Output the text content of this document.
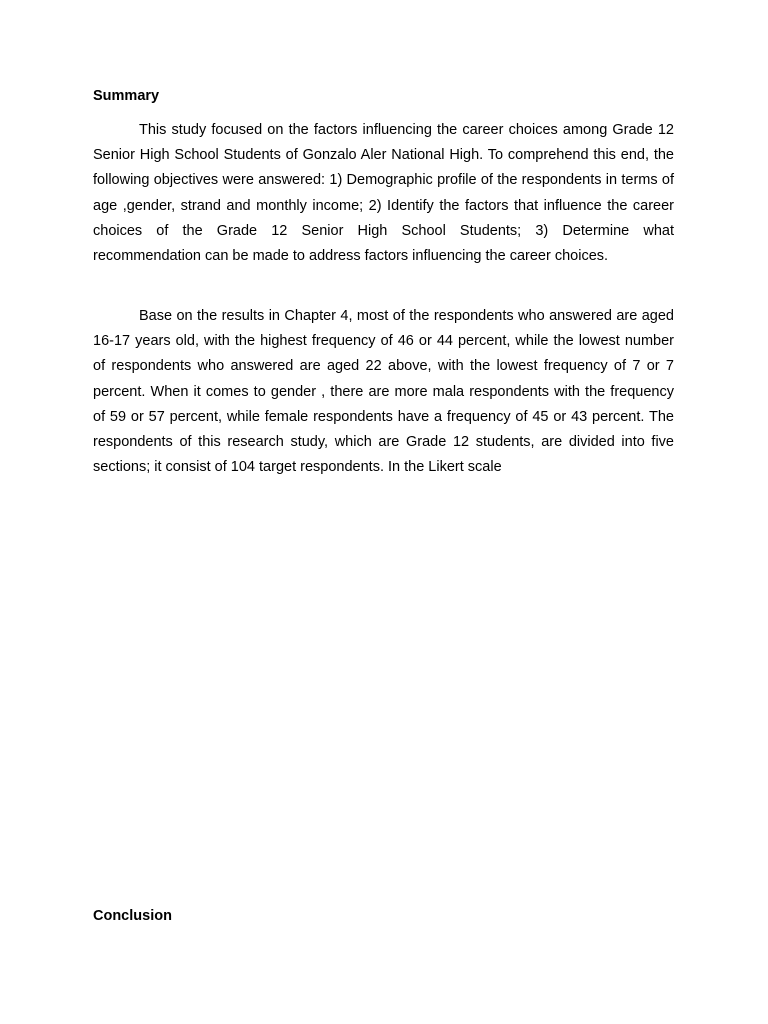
Summary

This study focused on the factors influencing the career choices among Grade 12 Senior High School Students of Gonzalo Aler National High. To comprehend this end, the following objectives were answered: 1) Demographic profile of the respondents in terms of age ,gender, strand and monthly income; 2) Identify the factors that influence the career choices of the Grade 12 Senior High School Students; 3) Determine what recommendation can be made to address factors influencing the career choices.

Base on the results in Chapter 4, most of the respondents who answered are aged 16-17 years old, with the highest frequency of 46 or 44 percent, while the lowest number of respondents who answered are aged 22 above, with the lowest frequency of 7 or 7 percent. When it comes to gender , there are more mala respondents with the frequency of 59 or 57 percent, while female respondents have a frequency of 45 or 43 percent. The respondents of this research study, which are Grade 12 students, are divided into five sections; it consist of 104 target respondents. In the Likert scale

Conclusion
